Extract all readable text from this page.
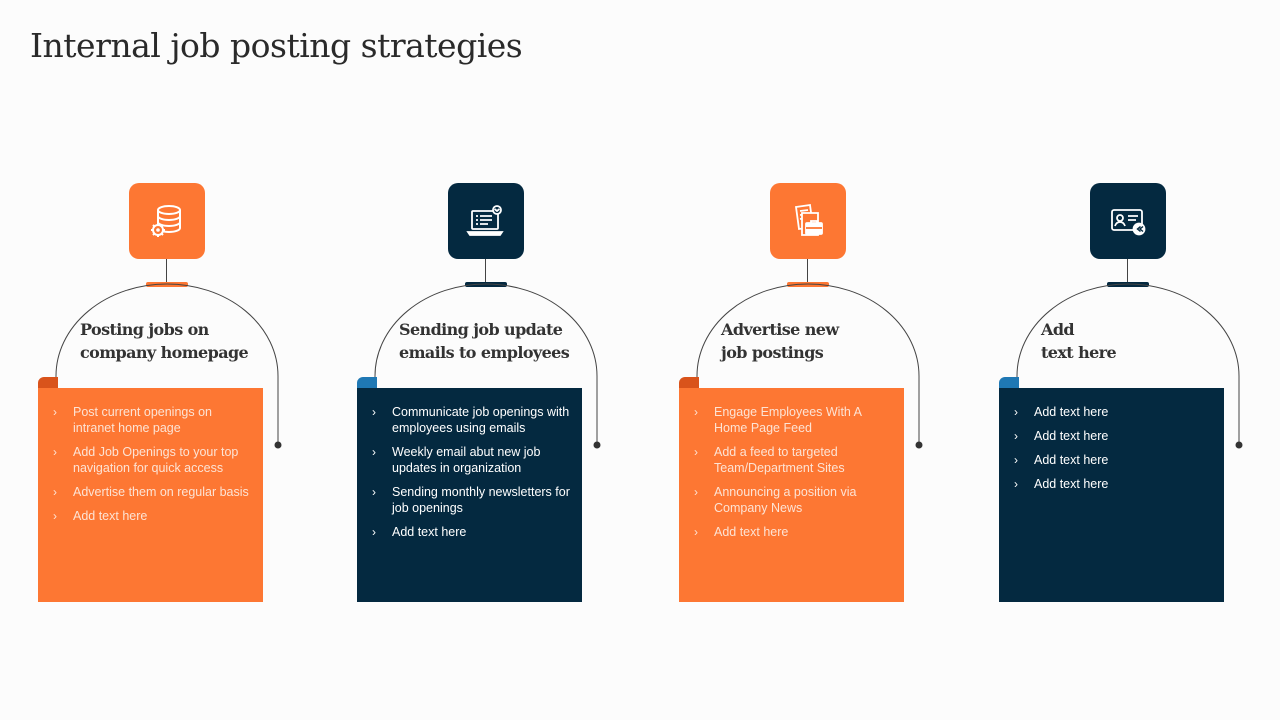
Internal job posting strategies
Posting jobs on
company homepage
› Post current openings on intranet home page
› Add Job Openings to your top navigation for quick access
› Advertise them on regular basis
› Add text here
Sending job update
emails to employees
› Communicate job openings with employees using emails
› Weekly email abut new job updates in organization
› Sending monthly newsletters for job openings
› Add text here
Advertise new
job postings
› Engage Employees With A Home Page Feed
› Add a feed to targeted Team/Department Sites
› Announcing a position via Company News
› Add text here
Add
text here
› Add text here
› Add text here
› Add text here
› Add text here
